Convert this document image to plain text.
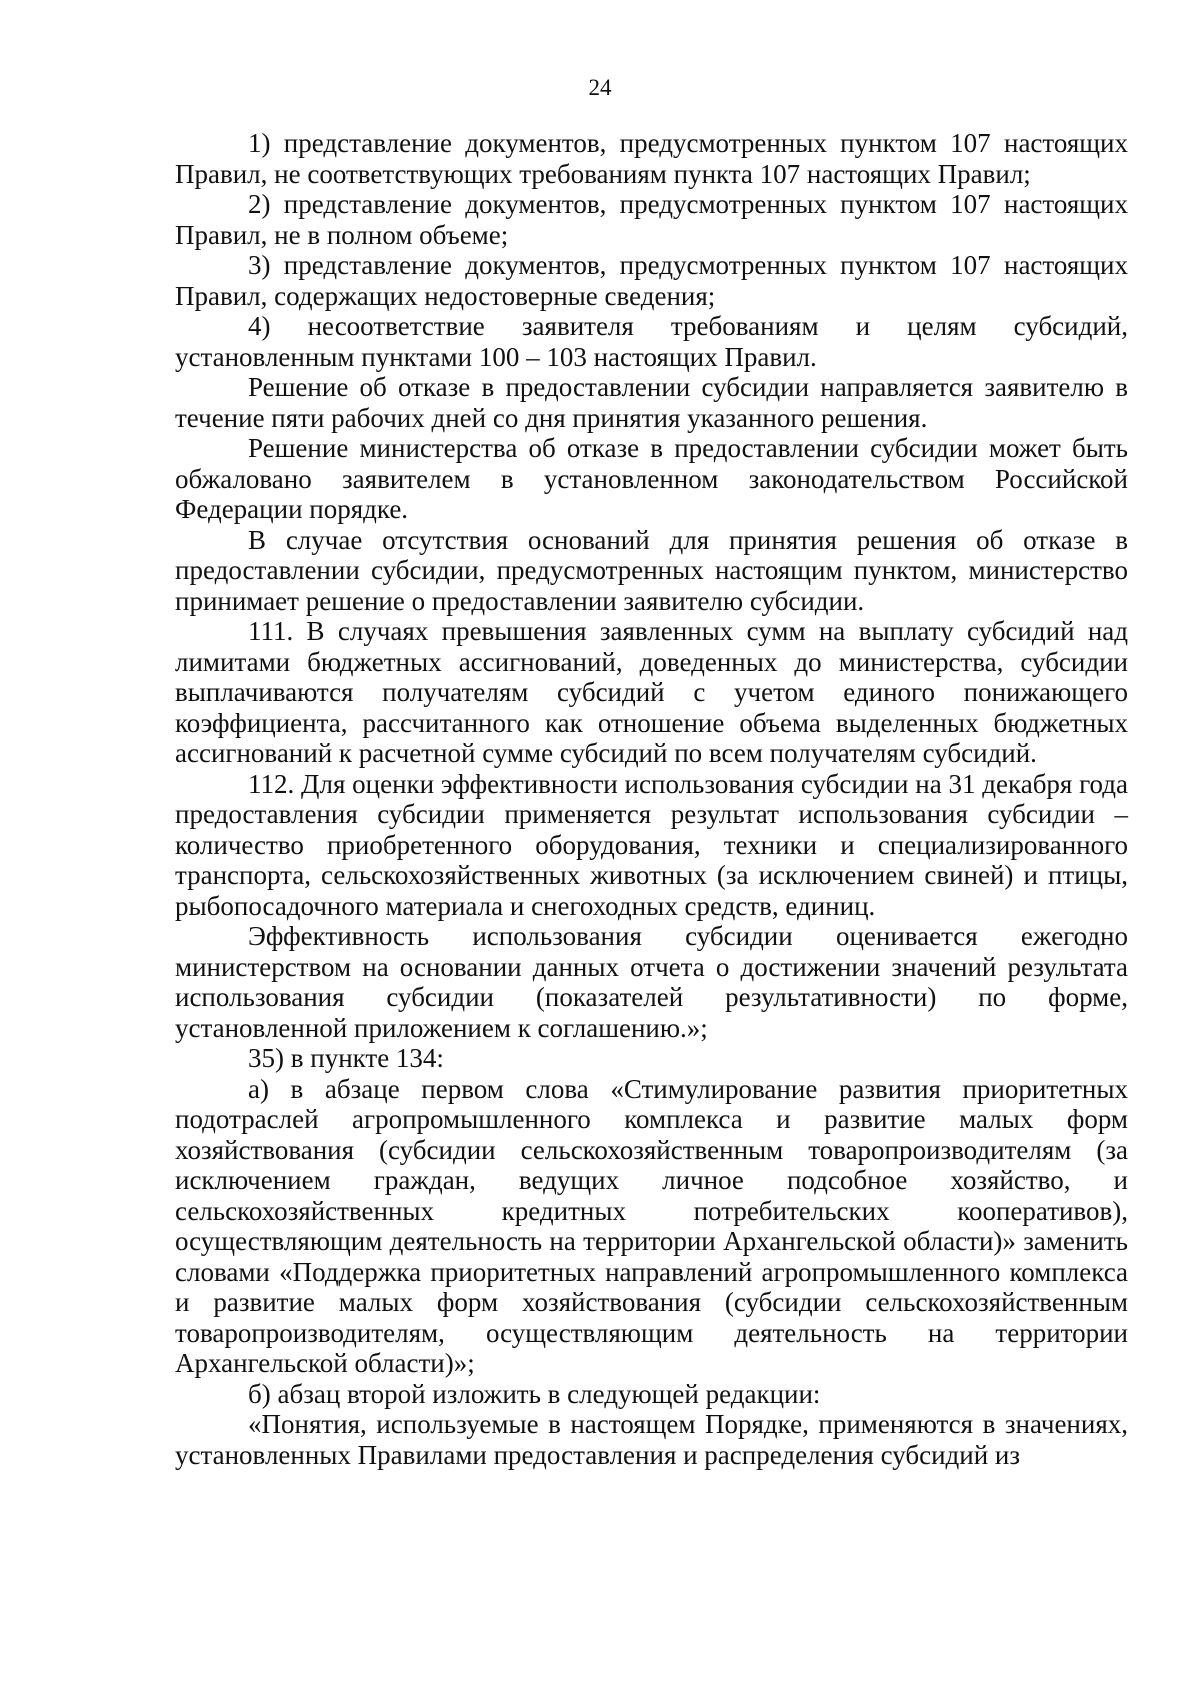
24

1) представление документов, предусмотренных пунктом 107 настоящих Правил, не соответствующих требованиям пункта 107 настоящих Правил;

2) представление документов, предусмотренных пунктом 107 настоящих Правил, не в полном объеме;

3) представление документов, предусмотренных пунктом 107 настоящих Правил, содержащих недостоверные сведения;

4) несоответствие заявителя требованиям и целям субсидий, установленным пунктами 100 – 103 настоящих Правил.

Решение об отказе в предоставлении субсидии направляется заявителю в течение пяти рабочих дней со дня принятия указанного решения.

Решение министерства об отказе в предоставлении субсидии может быть обжаловано заявителем в установленном законодательством Российской Федерации порядке.

В случае отсутствия оснований для принятия решения об отказе в предоставлении субсидии, предусмотренных настоящим пунктом, министерство принимает решение о предоставлении заявителю субсидии.

111. В случаях превышения заявленных сумм на выплату субсидий над лимитами бюджетных ассигнований, доведенных до министерства, субсидии выплачиваются получателям субсидий с учетом единого понижающего коэффициента, рассчитанного как отношение объема выделенных бюджетных ассигнований к расчетной сумме субсидий по всем получателям субсидий.

112. Для оценки эффективности использования субсидии на 31 декабря года предоставления субсидии применяется результат использования субсидии – количество приобретенного оборудования, техники и специализированного транспорта, сельскохозяйственных животных (за исключением свиней) и птицы, рыбопосадочного материала и снегоходных средств, единиц.

Эффективность использования субсидии оценивается ежегодно министерством на основании данных отчета о достижении значений результата использования субсидии (показателей результативности) по форме, установленной приложением к соглашению.»;

35) в пункте 134:

а) в абзаце первом слова «Стимулирование развития приоритетных подотраслей агропромышленного комплекса и развитие малых форм хозяйствования (субсидии сельскохозяйственным товаропроизводителям (за исключением граждан, ведущих личное подсобное хозяйство, и сельскохозяйственных кредитных потребительских кооперативов), осуществляющим деятельность на территории Архангельской области)» заменить словами «Поддержка приоритетных направлений агропромышленного комплекса и развитие малых форм хозяйствования (субсидии сельскохозяйственным товаропроизводителям, осуществляющим деятельность на территории Архангельской области)»;

б) абзац второй изложить в следующей редакции:

«Понятия, используемые в настоящем Порядке, применяются в значениях, установленных Правилами предоставления и распределения субсидий из
